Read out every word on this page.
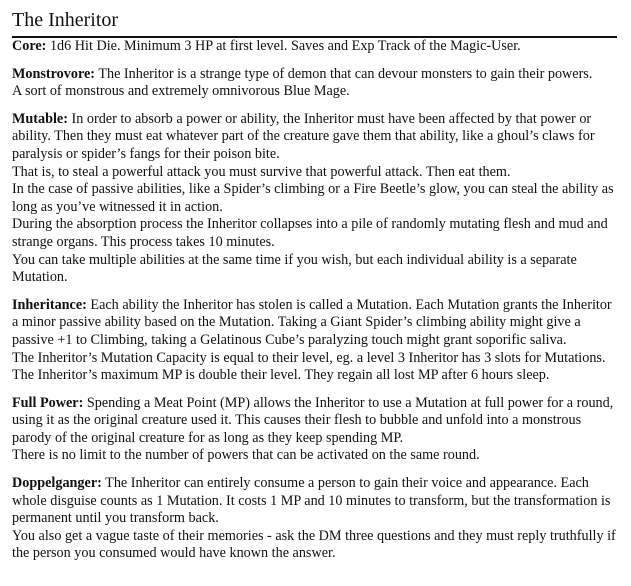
The Inheritor

Core: 1d6 Hit Die. Minimum 3 HP at first level. Saves and Exp Track of the Magic-User.

Monstrovore: The Inheritor is a strange type of demon that can devour monsters to gain their powers.
A sort of monstrous and extremely omnivorous Blue Mage.

Mutable: In order to absorb a power or ability, the Inheritor must have been affected by that power or ability. Then they must eat whatever part of the creature gave them that ability, like a ghoul’s claws for paralysis or spider’s fangs for their poison bite.
That is, to steal a powerful attack you must survive that powerful attack. Then eat them.
In the case of passive abilities, like a Spider’s climbing or a Fire Beetle’s glow, you can steal the ability as long as you’ve witnessed it in action.
During the absorption process the Inheritor collapses into a pile of randomly mutating flesh and mud and strange organs. This process takes 10 minutes.
You can take multiple abilities at the same time if you wish, but each individual ability is a separate Mutation.

Inheritance: Each ability the Inheritor has stolen is called a Mutation. Each Mutation grants the Inheritor a minor passive ability based on the Mutation. Taking a Giant Spider’s climbing ability might give a passive +1 to Climbing, taking a Gelatinous Cube’s paralyzing touch might grant soporific saliva.
The Inheritor’s Mutation Capacity is equal to their level, eg. a level 3 Inheritor has 3 slots for Mutations.
The Inheritor’s maximum MP is double their level. They regain all lost MP after 6 hours sleep.

Full Power: Spending a Meat Point (MP) allows the Inheritor to use a Mutation at full power for a round, using it as the original creature used it. This causes their flesh to bubble and unfold into a monstrous parody of the original creature for as long as they keep spending MP.
There is no limit to the number of powers that can be activated on the same round.

Doppelganger: The Inheritor can entirely consume a person to gain their voice and appearance. Each whole disguise counts as 1 Mutation. It costs 1 MP and 10 minutes to transform, but the transformation is permanent until you transform back.
You also get a vague taste of their memories - ask the DM three questions and they must reply truthfully if the person you consumed would have known the answer.
